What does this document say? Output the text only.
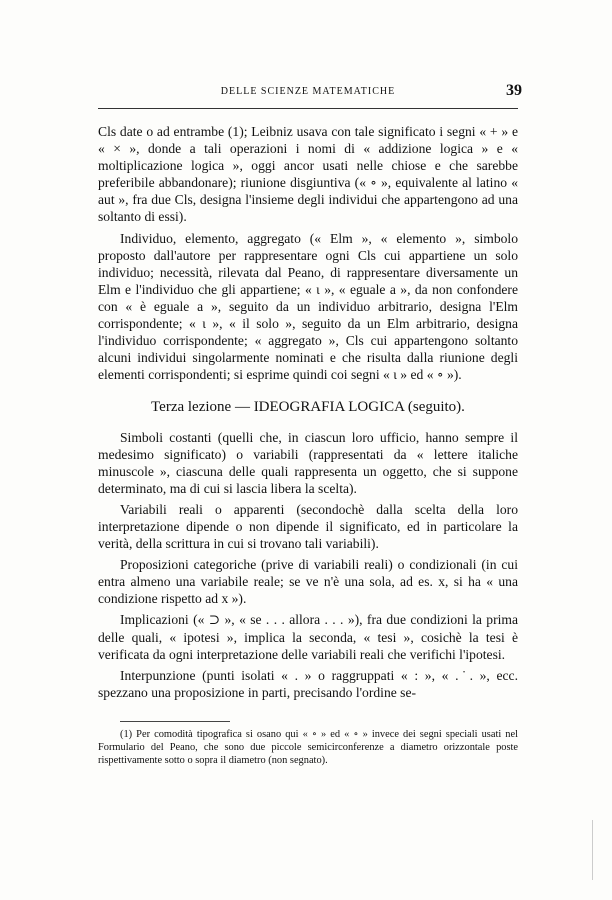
DELLE SCIENZE MATEMATICHE	39

Cls date o ad entrambe (1); Leibniz usava con tale significato i segni « + » e « × », donde a tali operazioni i nomi di « addizione logica » e « moltiplicazione logica », oggi ancor usati nelle chiose e che sarebbe preferibile abbandonare); riunione disgiuntiva (« ∘ », equivalente al latino « aut », fra due Cls, designa l'insieme degli individui che appartengono ad una soltanto di essi).

Individuo, elemento, aggregato (« Elm », « elemento », simbolo proposto dall'autore per rappresentare ogni Cls cui appartiene un solo individuo; necessità, rilevata dal Peano, di rappresentare diversamente un Elm e l'individuo che gli appartiene; « ι », « eguale a », da non confondere con « è eguale a », seguito da un individuo arbitrario, designa l'Elm corrispondente; « ɩ », « il solo », seguito da un Elm arbitrario, designa l'individuo corrispondente; « aggregato », Cls cui appartengono soltanto alcuni individui singolarmente nominati e che risulta dalla riunione degli elementi corrispondenti; si esprime quindi coi segni « ι » ed « ∘ »).

Terza lezione — IDEOGRAFIA LOGICA (seguito).

Simboli costanti (quelli che, in ciascun loro ufficio, hanno sempre il medesimo significato) o variabili (rappresentati da « lettere italiche minuscole », ciascuna delle quali rappresenta un oggetto, che si suppone determinato, ma di cui si lascia libera la scelta).

Variabili reali o apparenti (secondochè dalla scelta della loro interpretazione dipende o non dipende il significato, ed in particolare la verità, della scrittura in cui si trovano tali variabili).

Proposizioni categoriche (prive di variabili reali) o condizionali (in cui entra almeno una variabile reale; se ve n'è una sola, ad es. x, si ha « una condizione rispetto ad x »).

Implicazioni (« ⊃ », « se . . . allora . . . »), fra due condizioni la prima delle quali, « ipotesi », implica la seconda, « tesi », cosichè la tesi è verificata da ogni interpretazione delle variabili reali che verifichi l'ipotesi.

Interpunzione (punti isolati « . » o raggruppati « : », « .˙. », ecc. spezzano una proposizione in parti, precisando l'ordine se-

(1) Per comodità tipografica si osano qui « ∘ » ed « ∘ » invece dei segni speciali usati nel Formulario del Peano, che sono due piccole semicirconferenze a diametro orizzontale poste rispettivamente sotto o sopra il diametro (non segnato).
